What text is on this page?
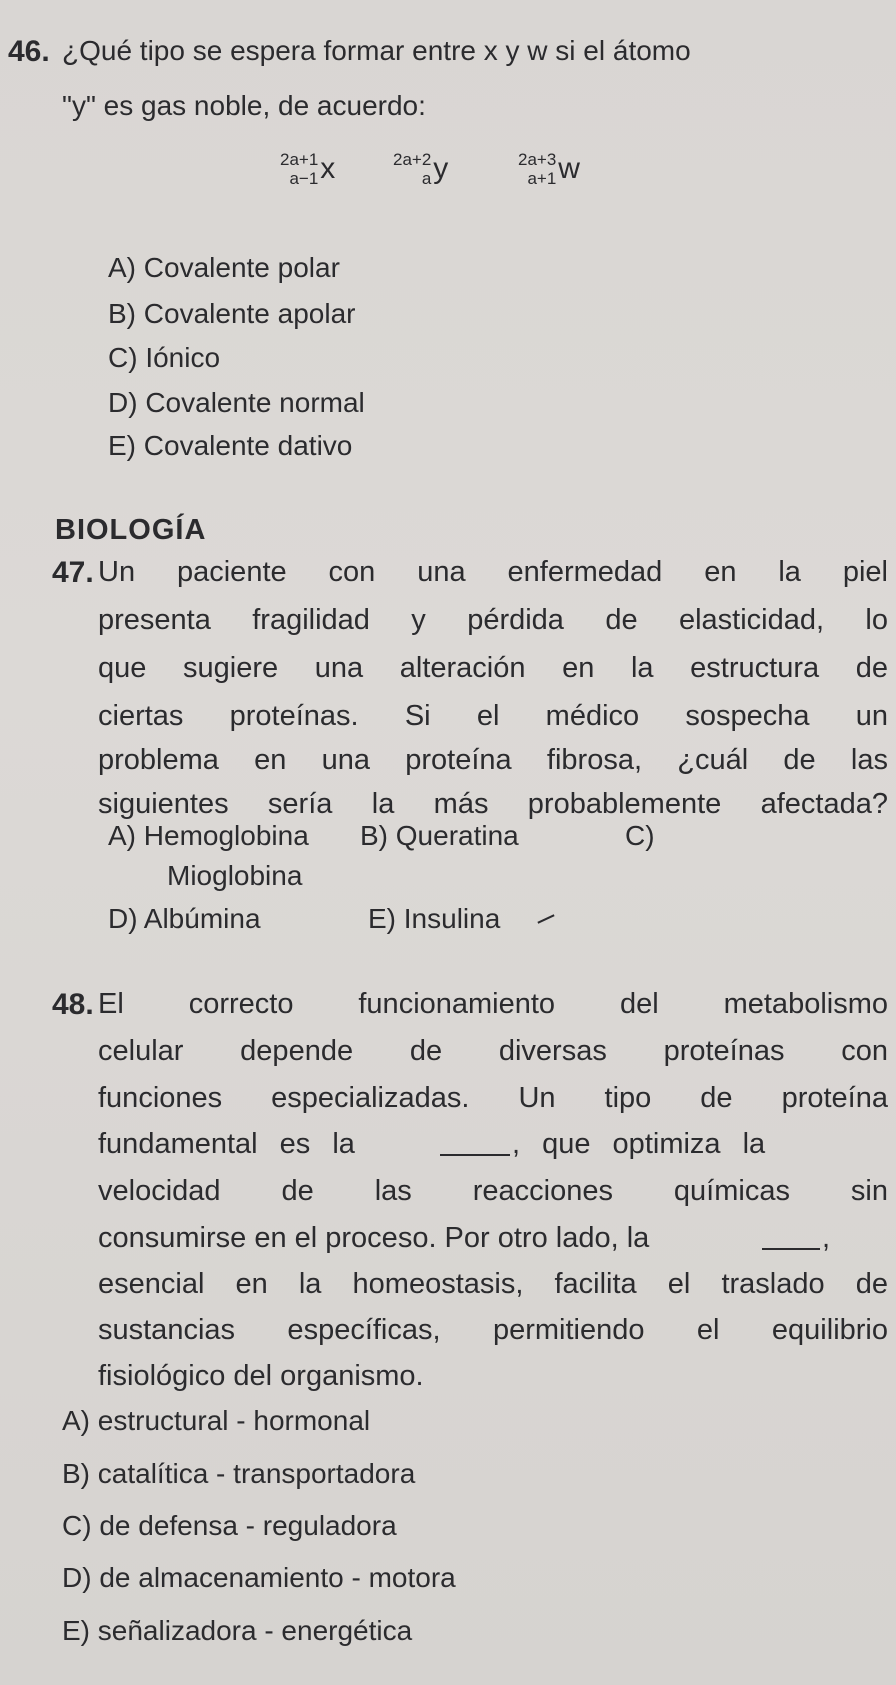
46. ¿Qué tipo se espera formar entre x y w si el átomo
"y" es gas noble, de acuerdo:
2a+1
a−1 x	2a+2
a y	2a+3
a+1 w
A) Covalente polar
B) Covalente apolar
C) Iónico
D) Covalente normal
E) Covalente dativo
BIOLOGÍA
47. Un paciente con una enfermedad en la piel
presenta fragilidad y pérdida de elasticidad, lo
que sugiere una alteración en la estructura de
ciertas proteínas. Si el médico sospecha un
problema en una proteína fibrosa, ¿cuál de las
siguientes sería la más probablemente afectada?
A) Hemoglobina B) Queratina	C)
Mioglobina
D) Albúmina	E) Insulina
48. El correcto funcionamiento del metabolismo
celular depende de diversas proteínas con
funciones especializadas. Un tipo de proteína
fundamental es la	, que optimiza la
velocidad de las reacciones químicas sin
consumirse en el proceso. Por otro lado, la	,
esencial en la homeostasis, facilita el traslado de
sustancias específicas, permitiendo el equilibrio
fisiológico del organismo.
A) estructural - hormonal
B) catalítica - transportadora
C) de defensa - reguladora
D) de almacenamiento - motora
E) señalizadora - energética
